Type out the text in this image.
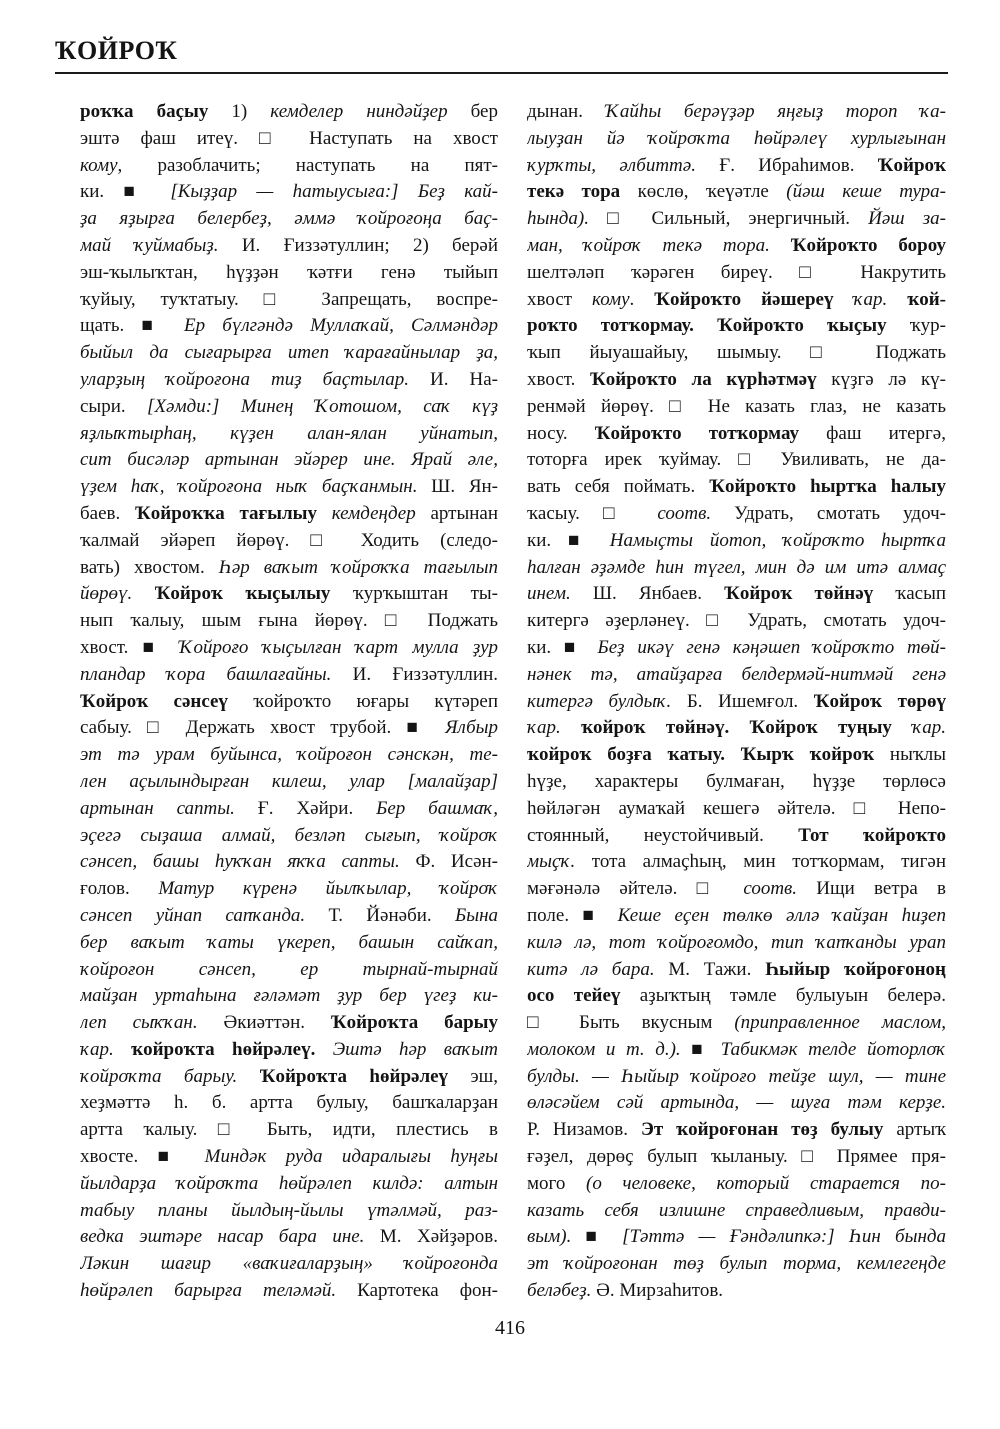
ҠОЙРОҠ
роҡҡа баҫыу 1) кемделер ниндәйҙер бер
эштә фаш итеү. □ Наступать на хвост
кому, разоблачить; наступать на пят-
ки. ■ [Кыҙҙар — һатыусыға:] Беҙ кай-
ҙа яҙырға белербеҙ, әммә ҡойроғоңа баҫ-
май ҡуймабыҙ. И. Ғиззәтуллин; 2) берәй
эш-ҡылыҡтан, һүҙҙән ҡәтғи генә тыйып
ҡуйыу, туҡтатыу. □ Запрещать, воспре-
щать. ■ Ер бүлгәндә Муллаҡай, Сәлмәндәр
быйыл да сығарырға итеп ҡарағайнылар ҙа,
уларҙың ҡойроғона тиҙ баҫтылар. И. На-
сыри. [Хәмди:] Минең Ҡотошом, саҡ күҙ
яҙлыҡтырһаң, күҙен алан-ялан уйнатып,
сит бисәләр артынан эйәрер ине. Ярай әле,
үҙем һаҡ, ҡойроғона ныҡ баҫҡанмын. Ш. Ян-
баев. Ҡойроҡҡа тағылыу кемдеңдер артынан
ҡалмай эйәреп йөрөү. □ Ходить (следо-
вать) хвостом. Һәр ваҡыт ҡойроҡҡа тағылып
йөрөү. Ҡойроҡ ҡыҫылыу ҡурҡыштан ты-
нып ҡалыу, шым ғына йөрөү. □ Поджать
хвост. ■ Ҡойроғо ҡыҫылған ҡарт мулла ҙур
пландар ҡора башлағайны. И. Ғиззәтуллин.
Ҡойроҡ сәнсеү ҡойроҡто юғары күтәреп
сабыу. □ Держать хвост трубой. ■ Ялбыр
эт тә урам буйынса, ҡойроғон сәнскән, те-
лен аҫылындырған килеш, улар [малайҙар]
артынан сапты. Ғ. Хәйри. Бер башмаҡ,
эҫегә сыҙаша алмай, безләп сығып, ҡойроҡ
сәнсеп, башы һуҡҡан яҡҡа сапты. Ф. Исән-
ғолов. Матур күренә йылҡылар, ҡойроҡ
сәнсеп уйнап сапҡанда. Т. Йәнәби. Бына
бер ваҡыт ҡаты үкереп, башын сайҡап,
ҡойроғон сәнсеп, ер тырнай-тырнай
майҙан уртаһына ғәләмәт ҙур бер үгеҙ ки-
леп сыҡҡан. Әкиәттән. Ҡойроҡта барыу
ҡар. ҡойроҡта һөйрәлеү. Эштә һәр ваҡыт
ҡойроҡта барыу. Ҡойроҡта һөйрәлеү эш,
хеҙмәттә һ. б. артта булыу, башҡаларҙан
артта ҡалыу. □ Быть, идти, плестись в
хвосте. ■ Миндәк руда идаралығы һуңғы
йылдарҙа ҡойроҡта һөйрәлеп килдә: алтын
табыу планы йылдың-йылы үтәлмәй, раз-
ведка эштәре насар бара ине. М. Хәйҙәров.
Ләкин шағир «ваҡиғаларҙың» ҡойроғонда
һөйрәлеп барырға теләмәй. Картотека фон-
дынан. Ҡайһы берәүҙәр яңғыҙ тороп ҡа-
лыуҙан йә ҡойроҡта һөйрәлеү хурлығынан
ҡурҡты, әлбиттә. Ғ. Ибраһимов. Ҡойроҡ
текә тора көслө, ҡеүәтле (йәш кеше тура-
һында). □ Сильный, энергичный. Йәш за-
ман, ҡойроҡ текә тора. Ҡойроҡто бороу
шелтәләп ҡәрәген биреү. □ Накрутить
хвост кому. Ҡойроҡто йәшереү ҡар. ҡой-
роҡто тотҡормау. Ҡойроҡто ҡыҫыу ҡур-
ҡып йыуашайыу, шымыу. □ Поджать
хвост. Ҡойроҡто ла күрһәтмәү күҙгә лә кү-
ренмәй йөрөү. □ Не казать глаз, не казать
носу. Ҡойроҡто тотҡормау фаш итергә,
тоторға ирек ҡуймау. □ Увиливать, не да-
вать себя поймать. Ҡойроҡто һыртҡа һалыу
ҡасыу. □ соотв. Удрать, смотать удоч-
ки. ■ Намыҫты йотоп, ҡойроҡто һыртҡа
һалған әҙәмде һин түгел, мин дә им итә алмаҫ
инем. Ш. Янбаев. Ҡойроҡ төйнәү ҡасып
китергә әҙерләнеү. □ Удрать, смотать удоч-
ки. ■ Беҙ икәү генә кәңәшеп ҡойроҡто төй-
нәнек тә, атайҙарға белдермәй-нитмәй генә
китергә булдыҡ. Б. Ишемғол. Ҡойроҡ төрөү
ҡар. ҡойроҡ төйнәү. Ҡойроҡ туңыу ҡар.
ҡойроҡ боҙға ҡатыу. Ҡырҡ ҡойроҡ ныҡлы
һүҙе, характеры булмаған, һүҙҙе төрлөсә
һөйләгән аумаҡай кешегә әйтелә. □ Непо-
стоянный, неустойчивый. Тот ҡойроҡто
мыҫҡ. тота алмаҫһың, мин тотҡормам, тигән
мәғәнәлә әйтелә. □ соотв. Ищи ветра в
поле. ■ Кеше еҫен төлкө әллә ҡайҙан һиҙеп
килә лә, тот ҡойроғомдо, тип ҡапҡанды урап
китә лә бара. М. Тажи. Һыйыр ҡойроғоноң
осо тейеү аҙыҡтың тәмле булыуын белерә.
□ Быть вкусным (приправленное маслом,
молоком и т. д.). ■ Табикмәк телде йоторлоҡ
булды. — Һыйыр ҡойроғо тейҙе шул, — тине
өләсәйем сәй артында, — шуға тәм керҙе.
Р. Низамов. Эт ҡойроғонан төҙ булыу артыҡ
ғәҙел, дөрөҫ булып ҡыланыу. □ Прямее пря-
мого (о человеке, который старается по-
казать себя излишне справедливым, правди-
вым). ■ [Тәттә — Ғәндәлипкә:] Һин бында
эт ҡойроғонан төҙ булып торма, кемлегеңде
беләбеҙ. Ә. Мирзаһитов.
416
